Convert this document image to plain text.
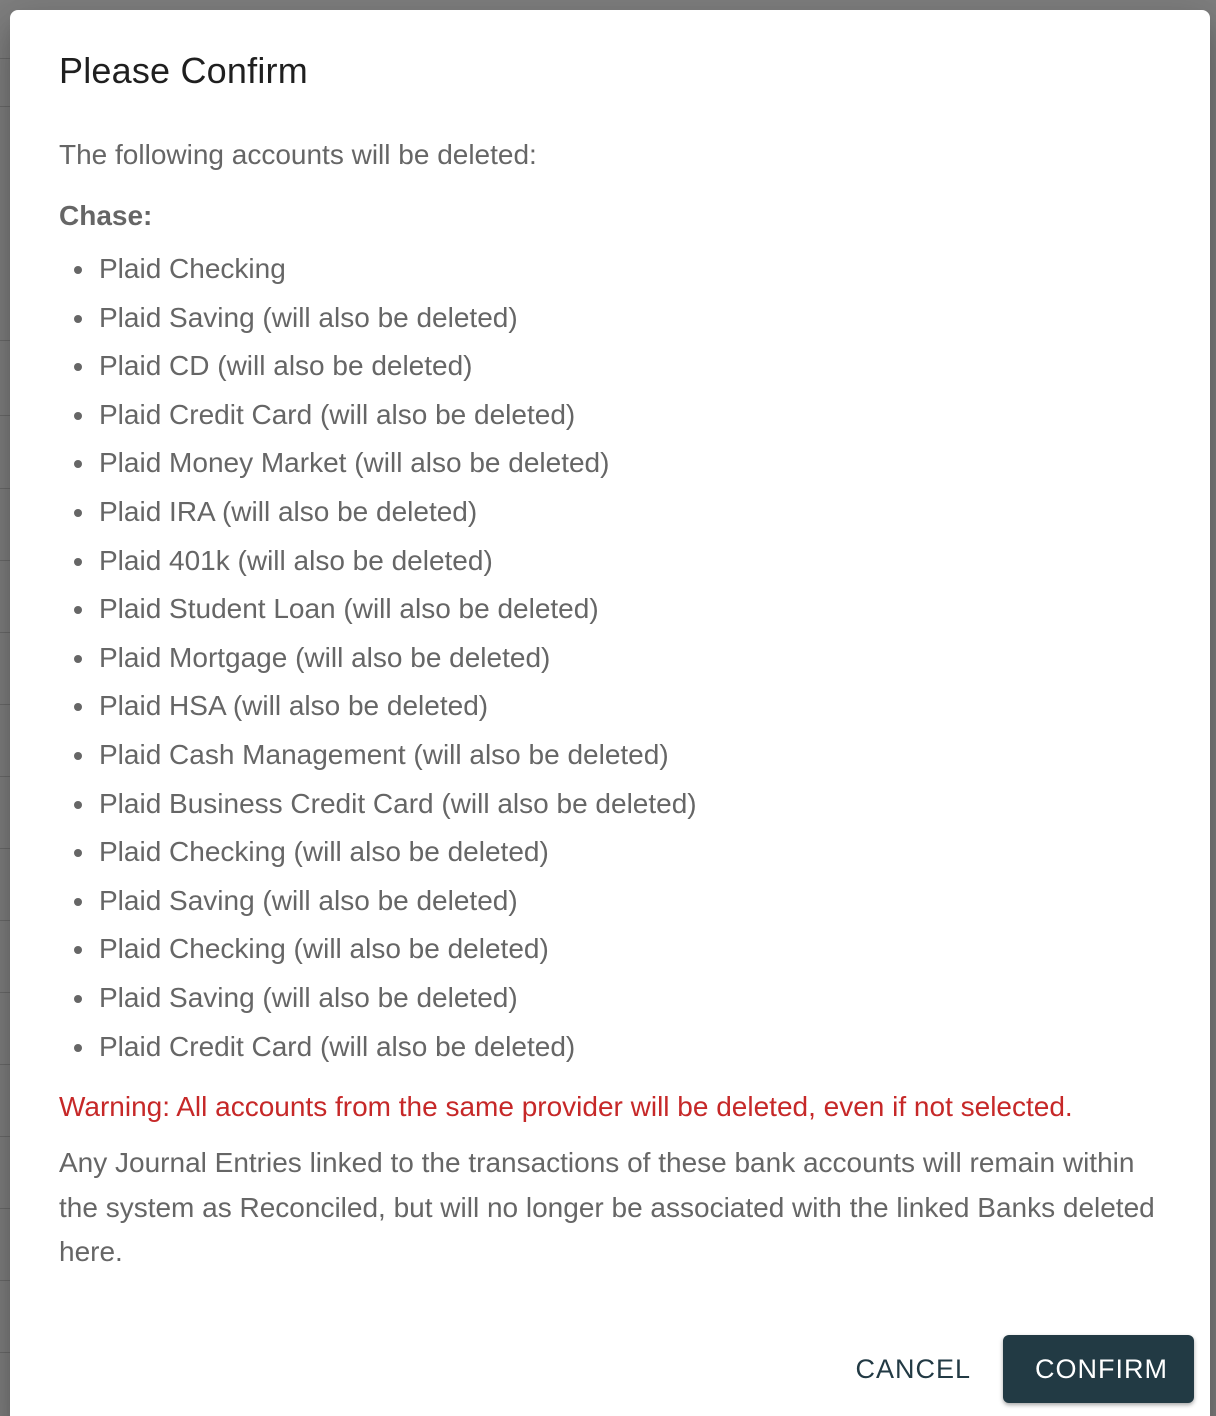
Please Confirm

The following accounts will be deleted:

Chase:

Plaid Checking
Plaid Saving (will also be deleted)
Plaid CD (will also be deleted)
Plaid Credit Card (will also be deleted)
Plaid Money Market (will also be deleted)
Plaid IRA (will also be deleted)
Plaid 401k (will also be deleted)
Plaid Student Loan (will also be deleted)
Plaid Mortgage (will also be deleted)
Plaid HSA (will also be deleted)
Plaid Cash Management (will also be deleted)
Plaid Business Credit Card (will also be deleted)
Plaid Checking (will also be deleted)
Plaid Saving (will also be deleted)
Plaid Checking (will also be deleted)
Plaid Saving (will also be deleted)
Plaid Credit Card (will also be deleted)

Warning: All accounts from the same provider will be deleted, even if not selected.

Any Journal Entries linked to the transactions of these bank accounts will remain within the system as Reconciled, but will no longer be associated with the linked Banks deleted here.

CANCEL	CONFIRM
